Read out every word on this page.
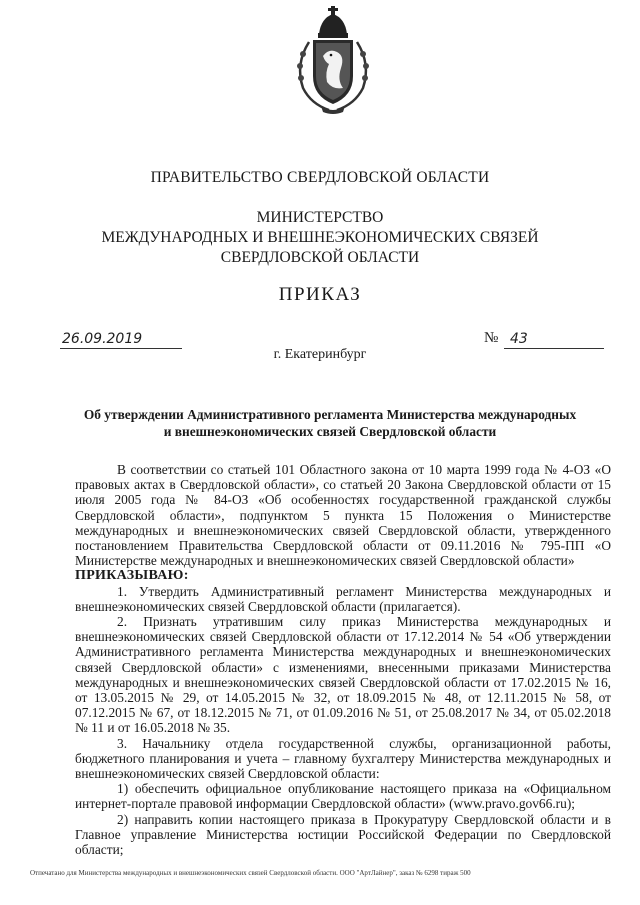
ПРАВИТЕЛЬСТВО СВЕРДЛОВСКОЙ ОБЛАСТИ
МИНИСТЕРСТВО
МЕЖДУНАРОДНЫХ И ВНЕШНЕЭКОНОМИЧЕСКИХ СВЯЗЕЙ
СВЕРДЛОВСКОЙ ОБЛАСТИ
ПРИКАЗ
26.09.2019	№ 43
г. Екатеринбург
Об утверждении Административного регламента Министерства международных
и внешнеэкономических связей Свердловской области

В соответствии со статьей 101 Областного закона от 10 марта 1999 года № 4-ОЗ «О правовых актах в Свердловской области», со статьей 20 Закона Свердловской области от 15 июля 2005 года № 84-ОЗ «Об особенностях государственной гражданской службы Свердловской области», подпунктом 5 пункта 15 Положения о Министерстве международных и внешнеэкономических связей Свердловской области, утвержденного постановлением Правительства Свердловской области от 09.11.2016 № 795-ПП «О Министерстве международных и внешнеэкономических связей Свердловской области»

ПРИКАЗЫВАЮ:

1. Утвердить Административный регламент Министерства международных и внешнеэкономических связей Свердловской области (прилагается).

2. Признать утратившим силу приказ Министерства международных и внешнеэкономических связей Свердловской области от 17.12.2014 № 54 «Об утверждении Административного регламента Министерства международных и внешнеэкономических связей Свердловской области» с изменениями, внесенными приказами Министерства международных и внешнеэкономических связей Свердловской области от 17.02.2015 № 16, от 13.05.2015 № 29, от 14.05.2015 № 32, от 18.09.2015 № 48, от 12.11.2015 № 58, от 07.12.2015 № 67, от 18.12.2015 № 71, от 01.09.2016 № 51, от 25.08.2017 № 34, от 05.02.2018 № 11 и от 16.05.2018 № 35.

3. Начальнику отдела государственной службы, организационной работы, бюджетного планирования и учета – главному бухгалтеру Министерства международных и внешнеэкономических связей Свердловской области:

1) обеспечить официальное опубликование настоящего приказа на «Официальном интернет-портале правовой информации Свердловской области» (www.pravo.gov66.ru);

2) направить копии настоящего приказа в Прокуратуру Свердловской области и в Главное управление Министерства юстиции Российской Федерации по Свердловской области;

Отпечатано для Министерства международных и внешнеэкономических связей Свердловской области. ООО "АртЛайнер", заказ № 6298 тираж 500
